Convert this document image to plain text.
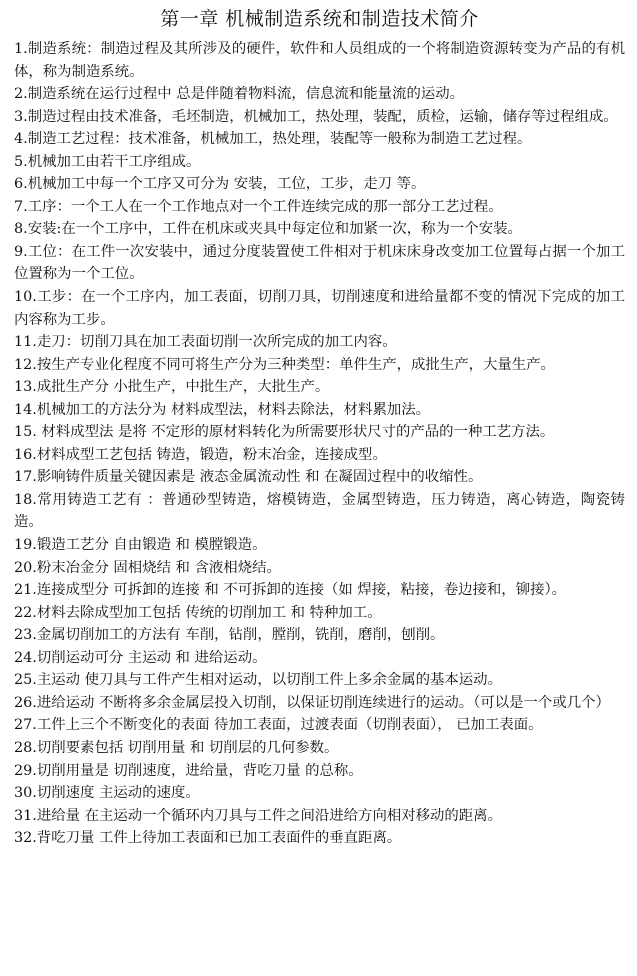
第一章 机械制造系统和制造技术简介
1.制造系统：制造过程及其所涉及的硬件，软件和人员组成的一个将制造资源转变为产品的有机体，称为制造系统。
2.制造系统在运行过程中 总是伴随着物料流，信息流和能量流的运动。
3.制造过程由技术准备，毛坯制造，机械加工，热处理，装配，质检，运输，储存等过程组成。
4.制造工艺过程：技术准备，机械加工，热处理，装配等一般称为制造工艺过程。
5.机械加工由若干工序组成。
6.机械加工中每一个工序又可分为 安装，工位，工步，走刀 等。
7.工序：一个工人在一个工作地点对一个工件连续完成的那一部分工艺过程。
8.安装:在一个工序中，工件在机床或夹具中每定位和加紧一次，称为一个安装。
9.工位：在工件一次安装中，通过分度装置使工件相对于机床床身改变加工位置每占据一个加工位置称为一个工位。
10.工步：在一个工序内，加工表面，切削刀具，切削速度和进给量都不变的情况下完成的加工内容称为工步。
11.走刀：切削刀具在加工表面切削一次所完成的加工内容。
12.按生产专业化程度不同可将生产分为三种类型：单件生产，成批生产，大量生产。
13.成批生产分 小批生产，中批生产，大批生产。
14.机械加工的方法分为 材料成型法，材料去除法，材料累加法。
15. 材料成型法 是将 不定形的原材料转化为所需要形状尺寸的产品的一种工艺方法。
16.材料成型工艺包括 铸造，锻造，粉末冶金，连接成型。
17.影响铸件质量关键因素是 液态金属流动性 和 在凝固过程中的收缩性。
18.常用铸造工艺有 ：普通砂型铸造，熔模铸造，金属型铸造，压力铸造，离心铸造，陶瓷铸造。
19.锻造工艺分 自由锻造 和 模膛锻造。
20.粉末冶金分 固相烧结 和 含液相烧结。
21.连接成型分 可拆卸的连接 和 不可拆卸的连接（如 焊接，粘接，卷边接和，铆接）。
22.材料去除成型加工包括 传统的切削加工 和 特种加工。
23.金属切削加工的方法有 车削，钻削，膛削，铣削，磨削，刨削。
24.切削运动可分 主运动 和 进给运动。
25.主运动 使刀具与工件产生相对运动，以切削工件上多余金属的基本运动。
26.进给运动 不断将多余金属层投入切削，以保证切削连续进行的运动。（可以是一个或几个）
27.工件上三个不断变化的表面 待加工表面，过渡表面（切削表面）， 已加工表面。
28.切削要素包括 切削用量 和 切削层的几何参数。
29.切削用量是 切削速度，进给量，背吃刀量 的总称。
30.切削速度 主运动的速度。
31.进给量 在主运动一个循环内刀具与工件之间沿进给方向相对移动的距离。
32.背吃刀量 工件上待加工表面和已加工表面件的垂直距离。
